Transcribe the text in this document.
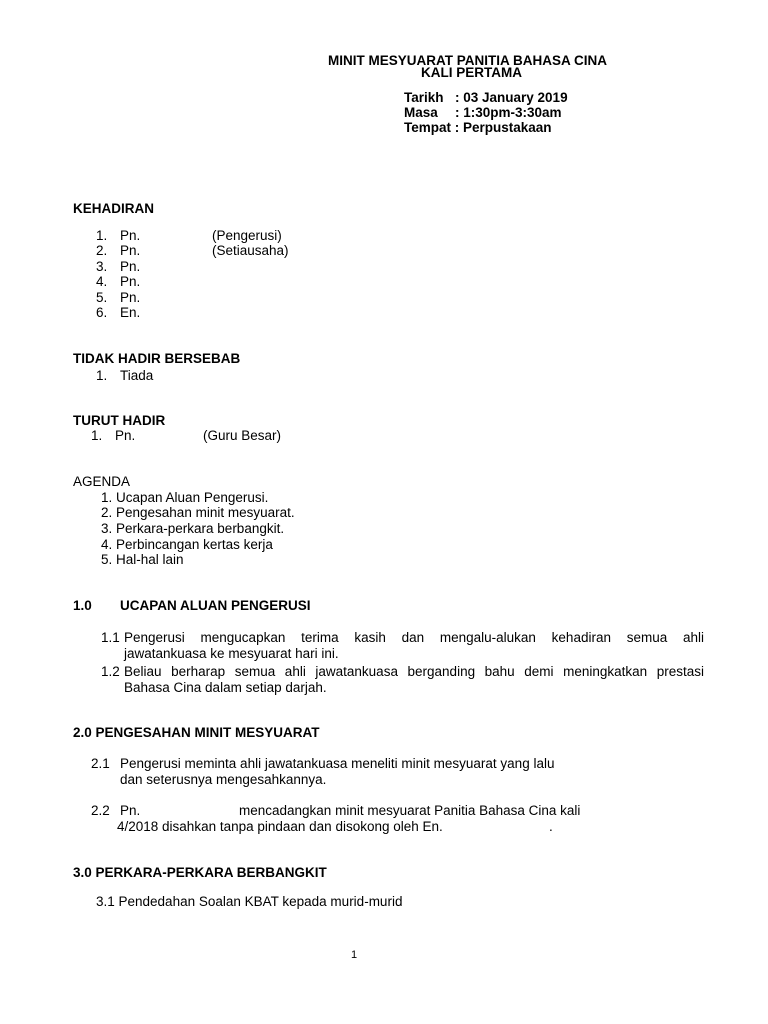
MINIT MESYUARAT PANITIA BAHASA CINA
KALI PERTAMA
Tarikh : 03 January 2019
Masa : 1:30pm-3:30am
Tempat : Perpustakaan
KEHADIRAN
1. Pn.	(Pengerusi)
2. Pn.	(Setiausaha)
3. Pn.
4. Pn.
5. Pn.
6. En.
TIDAK HADIR BERSEBAB
1. Tiada
TURUT HADIR
1. Pn.	(Guru Besar)
AGENDA
1. Ucapan Aluan Pengerusi.
2. Pengesahan minit mesyuarat.
3. Perkara-perkara berbangkit.
4. Perbincangan kertas kerja
5. Hal-hal lain
1.0 UCAPAN ALUAN PENGERUSI
1.1 Pengerusi mengucapkan terima kasih dan mengalu-alukan kehadiran semua ahli
jawatankuasa ke mesyuarat hari ini.
1.2 Beliau berharap semua ahli jawatankuasa berganding bahu demi meningkatkan prestasi
Bahasa Cina dalam setiap darjah.
2.0 PENGESAHAN MINIT MESYUARAT
2.1 Pengerusi meminta ahli jawatankuasa meneliti minit mesyuarat yang lalu
dan seterusnya mengesahkannya.
2.2 Pn.	mencadangkan minit mesyuarat Panitia Bahasa Cina kali
4/2018 disahkan tanpa pindaan dan disokong oleh En.	.
3.0 PERKARA-PERKARA BERBANGKIT
3.1 Pendedahan Soalan KBAT kepada murid-murid
1
